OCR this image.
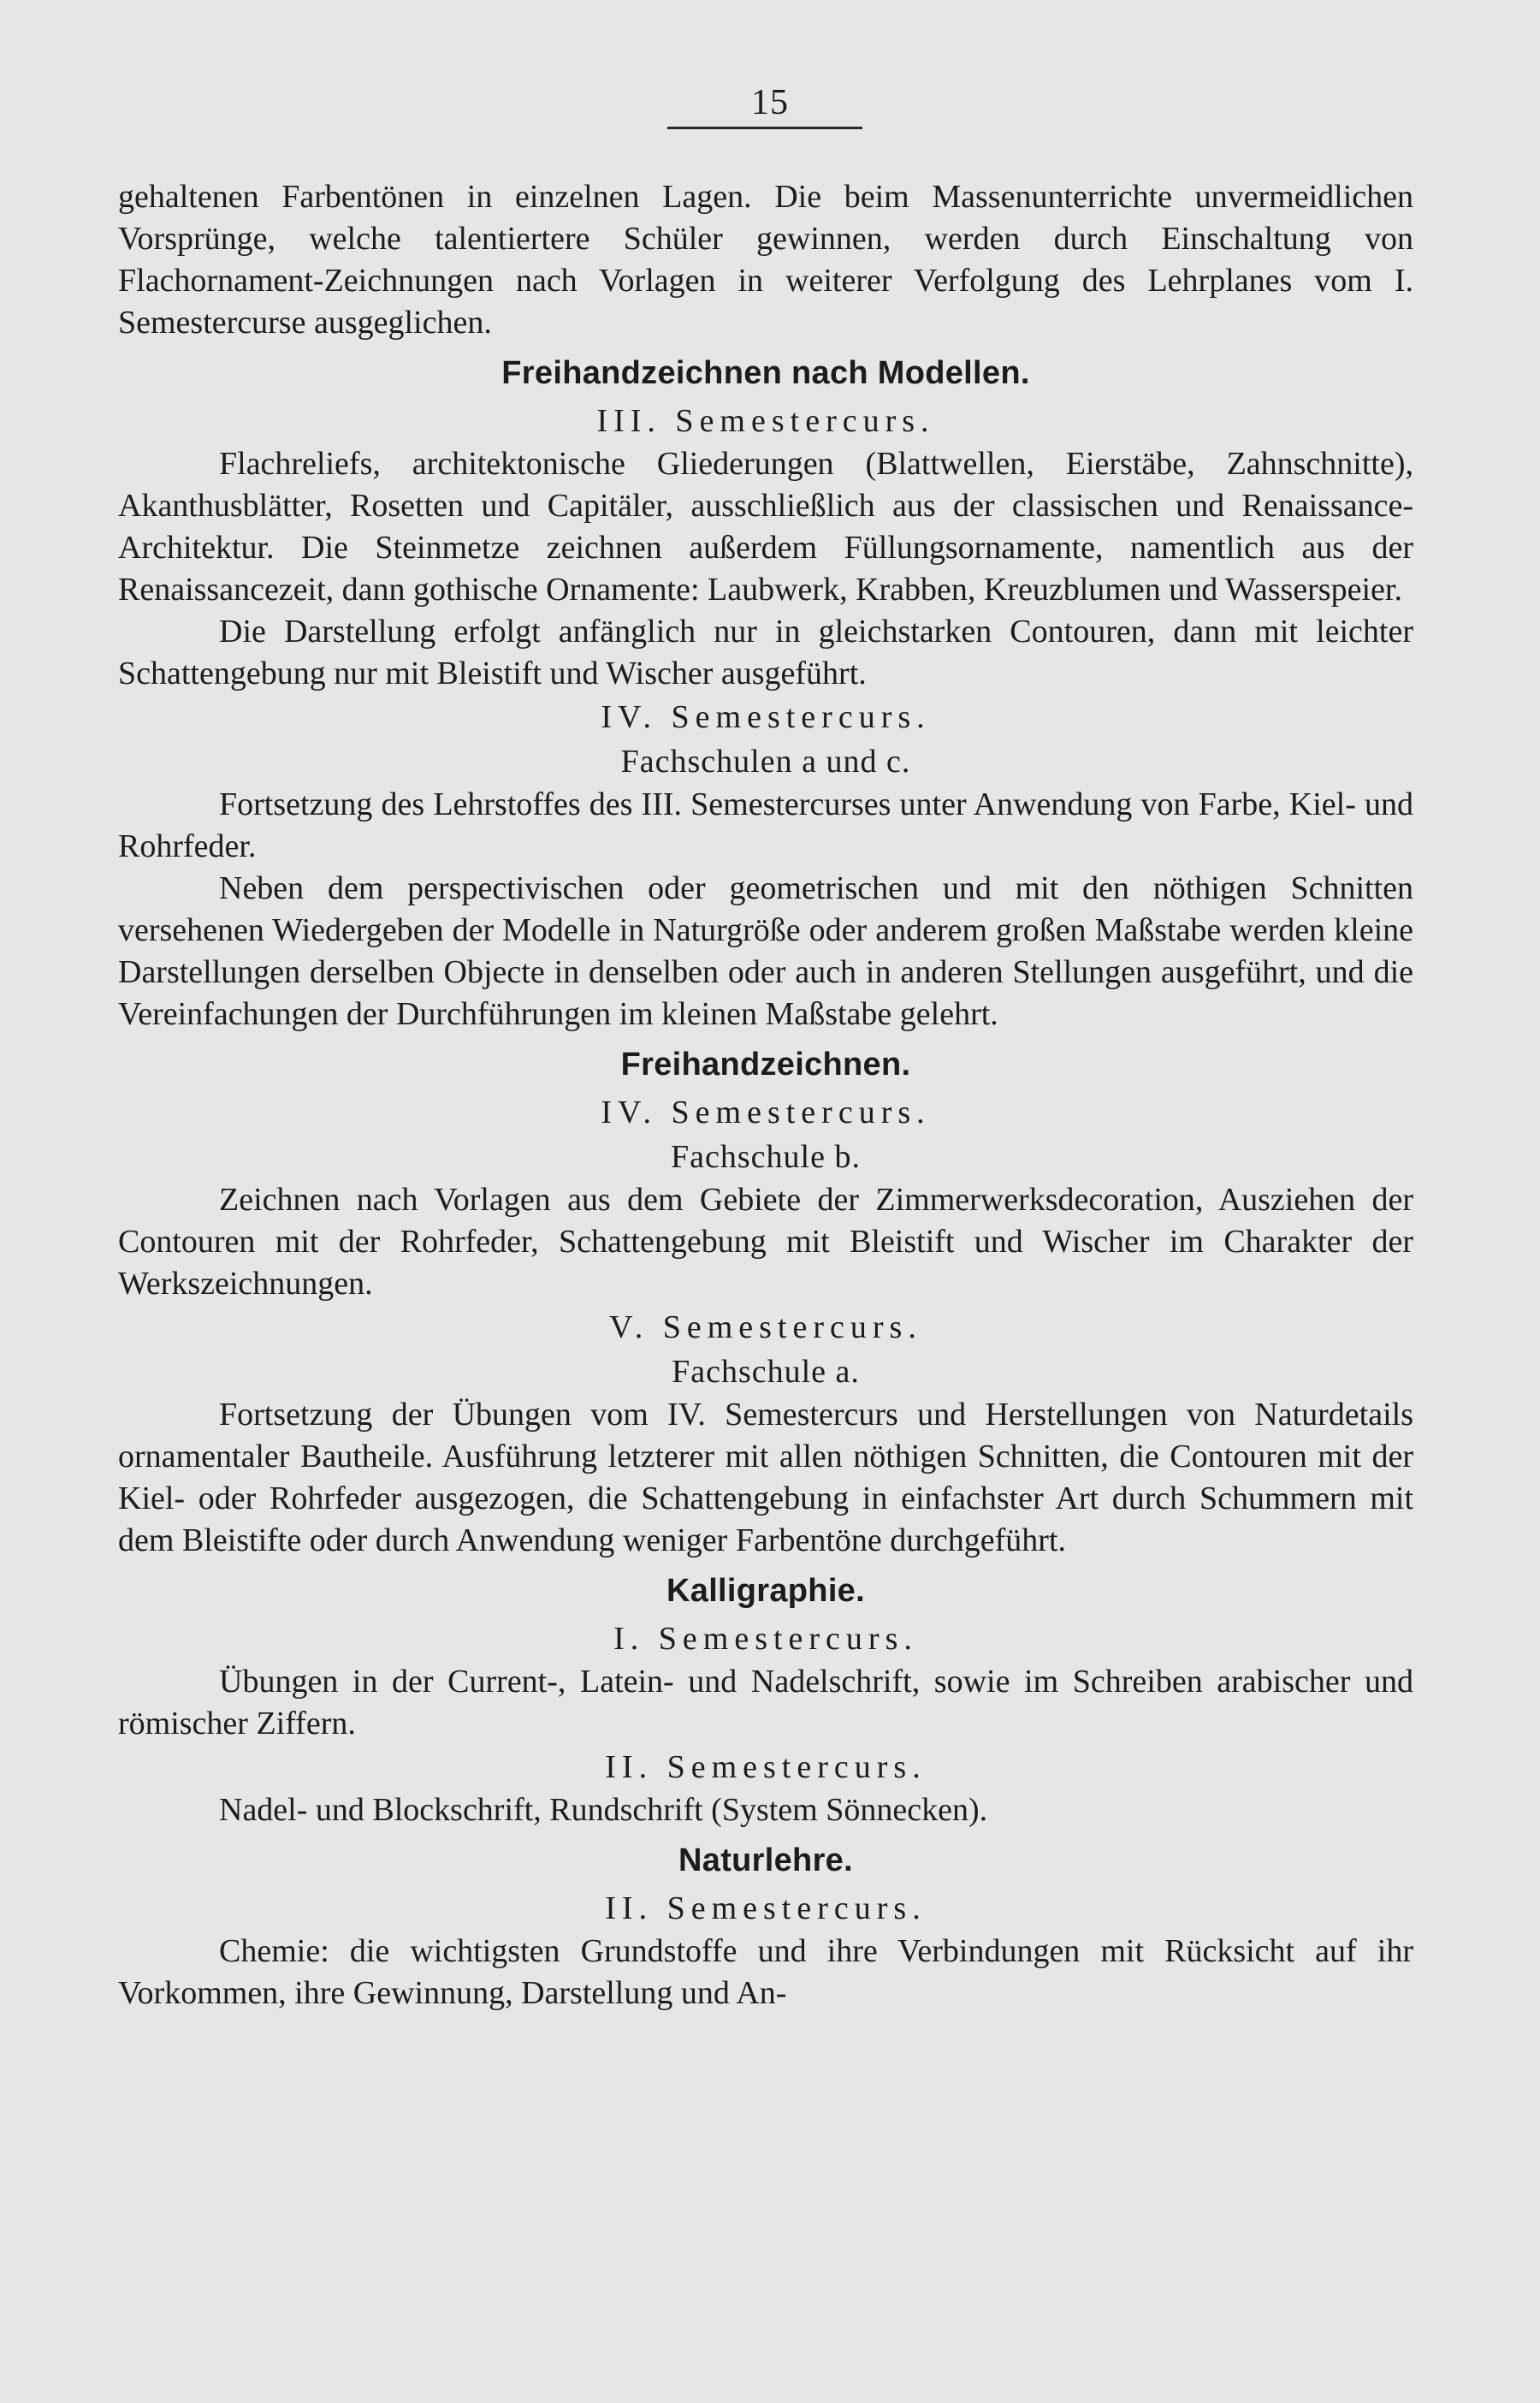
15

gehaltenen Farbentönen in einzelnen Lagen. Die beim Massenunterrichte unvermeidlichen Vorsprünge, welche talentiertere Schüler gewinnen, werden durch Einschaltung von Flachornament-Zeichnungen nach Vorlagen in weiterer Verfolgung des Lehrplanes vom I. Semestercurse ausgeglichen.

Freihandzeichnen nach Modellen.
III. Semestercurs.

Flachreliefs, architektonische Gliederungen (Blattwellen, Eierstäbe, Zahnschnitte), Akanthusblätter, Rosetten und Capitäler, ausschließlich aus der classischen und Renaissance-Architektur. Die Steinmetze zeichnen außerdem Füllungsornamente, namentlich aus der Renaissancezeit, dann gothische Ornamente: Laubwerk, Krabben, Kreuzblumen und Wasserspeier.

Die Darstellung erfolgt anfänglich nur in gleichstarken Contouren, dann mit leichter Schattengebung nur mit Bleistift und Wischer ausgeführt.

IV. Semestercurs.
Fachschulen a und c.

Fortsetzung des Lehrstoffes des III. Semestercurses unter Anwendung von Farbe, Kiel- und Rohrfeder.

Neben dem perspectivischen oder geometrischen und mit den nöthigen Schnitten versehenen Wiedergeben der Modelle in Naturgröße oder anderem großen Maßstabe werden kleine Darstellungen derselben Objecte in denselben oder auch in anderen Stellungen ausgeführt, und die Vereinfachungen der Durchführungen im kleinen Maßstabe gelehrt.

Freihandzeichnen.
IV. Semestercurs.
Fachschule b.

Zeichnen nach Vorlagen aus dem Gebiete der Zimmerwerksdecoration, Ausziehen der Contouren mit der Rohrfeder, Schattengebung mit Bleistift und Wischer im Charakter der Werkszeichnungen.

V. Semestercurs.
Fachschule a.

Fortsetzung der Übungen vom IV. Semestercurs und Herstellungen von Naturdetails ornamentaler Bautheile. Ausführung letzterer mit allen nöthigen Schnitten, die Contouren mit der Kiel- oder Rohrfeder ausgezogen, die Schattengebung in einfachster Art durch Schummern mit dem Bleistifte oder durch Anwendung weniger Farbentöne durchgeführt.

Kalligraphie.
I. Semestercurs.

Übungen in der Current-, Latein- und Nadelschrift, sowie im Schreiben arabischer und römischer Ziffern.

II. Semestercurs.

Nadel- und Blockschrift, Rundschrift (System Sönnecken).

Naturlehre.
II. Semestercurs.

Chemie: die wichtigsten Grundstoffe und ihre Verbindungen mit Rücksicht auf ihr Vorkommen, ihre Gewinnung, Darstellung und An-
